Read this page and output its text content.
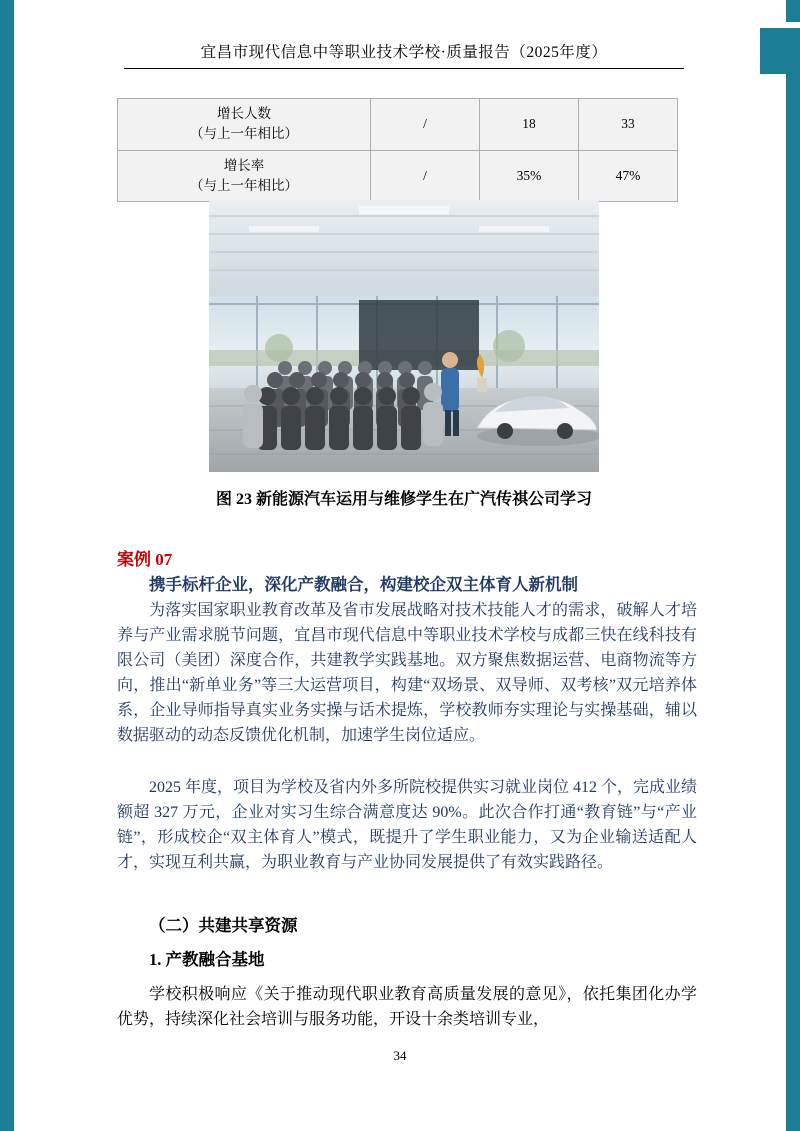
宜昌市现代信息中等职业技术学校·质量报告（2025年度）
增长人数
（与上一年相比）	/	18	33
增长率
（与上一年相比）	/	35%	47%
图 23 新能源汽车运用与维修学生在广汽传祺公司学习
案例 07
携手标杆企业，深化产教融合，构建校企双主体育人新机制

为落实国家职业教育改革及省市发展战略对技术技能人才的需求，破解人才培养与产业需求脱节问题，宜昌市现代信息中等职业技术学校与成都三快在线科技有限公司（美团）深度合作，共建教学实践基地。双方聚焦数据运营、电商物流等方向，推出“新单业务”等三大运营项目，构建“双场景、双导师、双考核”双元培养体系，企业导师指导真实业务实操与话术提炼，学校教师夯实理论与实操基础，辅以数据驱动的动态反馈优化机制，加速学生岗位适应。

2025 年度，项目为学校及省内外多所院校提供实习就业岗位 412 个，完成业绩额超 327 万元，企业对实习生综合满意度达 90%。此次合作打通“教育链”与“产业链”，形成校企“双主体育人”模式，既提升了学生职业能力，又为企业输送适配人才，实现互利共赢，为职业教育与产业协同发展提供了有效实践路径。

（二）共建共享资源
1. 产教融合基地

学校积极响应《关于推动现代职业教育高质量发展的意见》，依托集团化办学优势，持续深化社会培训与服务功能，开设十余类培训专业，

34
